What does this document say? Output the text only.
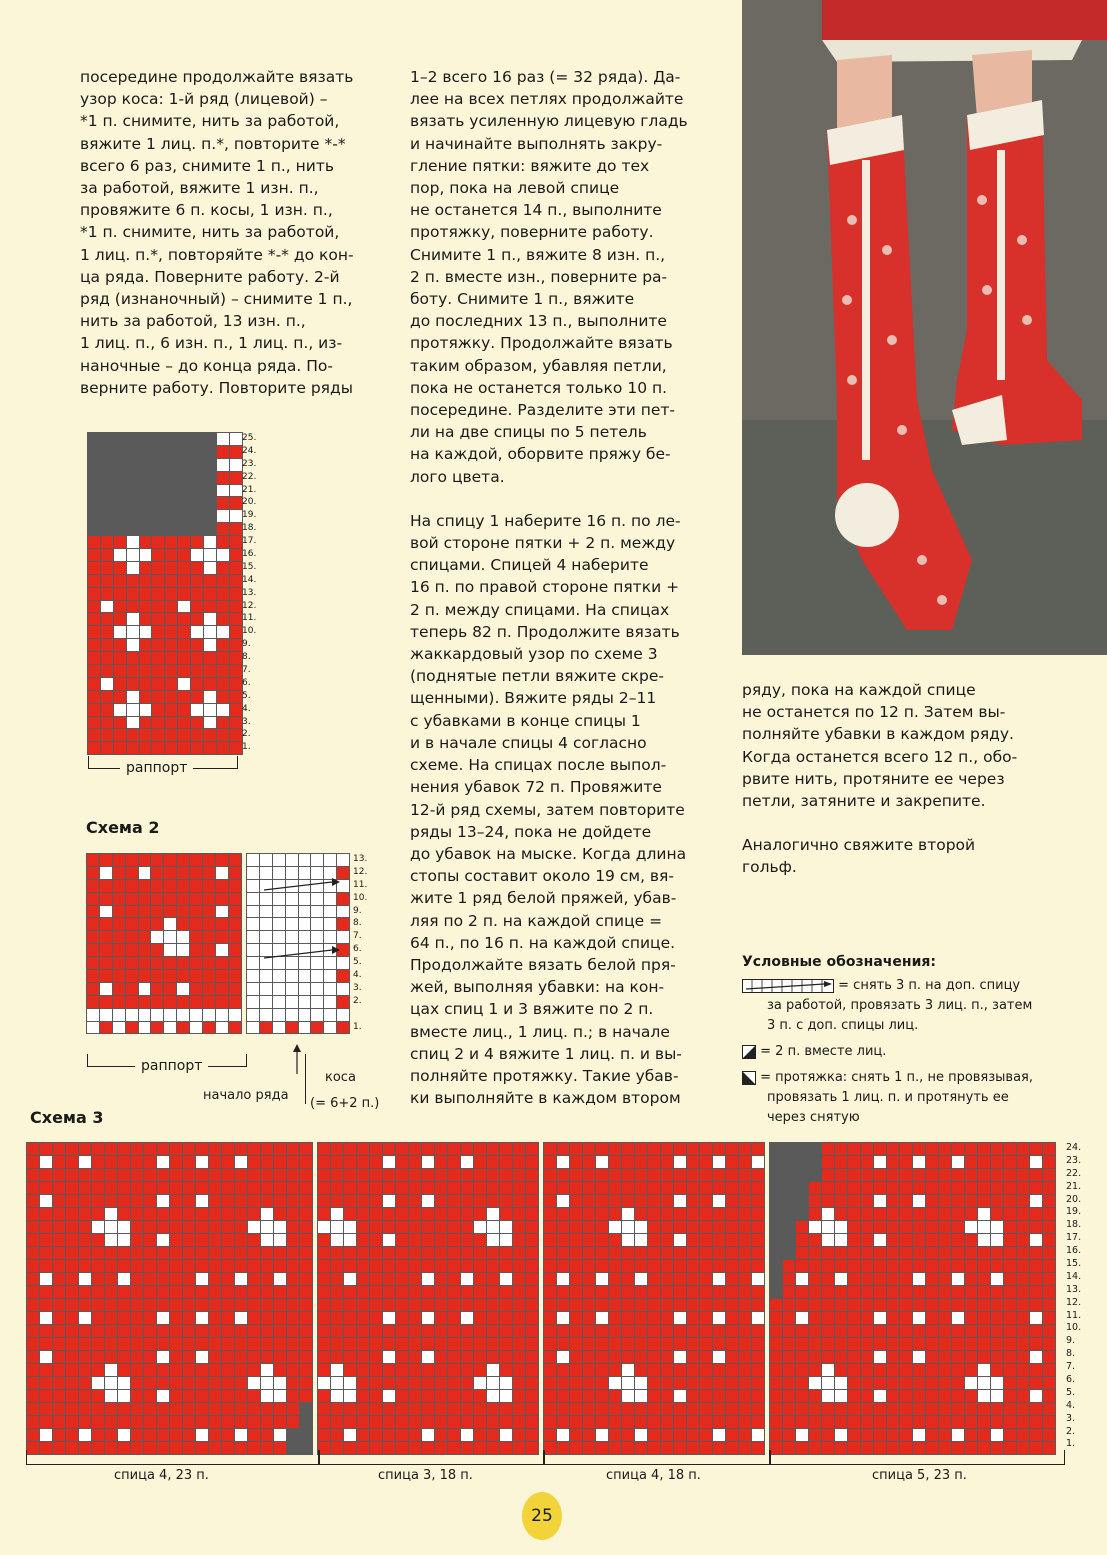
посередине продолжайте вязать
узор коса: 1-й ряд (лицевой) –
*1 п. снимите, нить за работой,
вяжите 1 лиц. п.*, повторите *-*
всего 6 раз, снимите 1 п., нить
за работой, вяжите 1 изн. п.,
провяжите 6 п. косы, 1 изн. п.,
*1 п. снимите, нить за работой,
1 лиц. п.*, повторяйте *-* до кон-
ца ряда. Поверните работу. 2-й
ряд (изнаночный) – снимите 1 п.,
нить за работой, 13 изн. п.,
1 лиц. п., 6 изн. п., 1 лиц. п., из-
наночные – до конца ряда. По-
верните работу. Повторите ряды
1–2 всего 16 раз (= 32 ряда). Да-
лее на всех петлях продолжайте
вязать усиленную лицевую гладь
и начинайте выполнять закру-
гление пятки: вяжите до тех
пор, пока на левой спице
не останется 14 п., выполните
протяжку, поверните работу.
Снимите 1 п., вяжите 8 изн. п.,
2 п. вместе изн., поверните ра-
боту. Снимите 1 п., вяжите
до последних 13 п., выполните
протяжку. Продолжайте вязать
таким образом, убавляя петли,
пока не останется только 10 п.
посередине. Разделите эти пет-
ли на две спицы по 5 петель
на каждой, оборвите пряжу бе-
лого цвета.
На спицу 1 наберите 16 п. по ле-
вой стороне пятки + 2 п. между
спицами. Спицей 4 наберите
16 п. по правой стороне пятки +
2 п. между спицами. На спицах
теперь 82 п. Продолжите вязать
жаккардовый узор по схеме 3
(поднятые петли вяжите скре-
щенными). Вяжите ряды 2–11
с убавками в конце спицы 1
и в начале спицы 4 согласно
схеме. На спицах после выпол-
нения убавок 72 п. Провяжите
12-й ряд схемы, затем повторите
ряды 13–24, пока не дойдете
до убавок на мыске. Когда длина
стопы составит около 19 см, вя-
жите 1 ряд белой пряжей, убав-
ляя по 2 п. на каждой спице =
64 п., по 16 п. на каждой спице.
Продолжайте вязать белой пря-
жей, выполняя убавки: на кон-
цах спиц 1 и 3 вяжите по 2 п.
вместе лиц., 1 лиц. п.; в начале
спиц 2 и 4 вяжите 1 лиц. п. и вы-
полняйте протяжку. Такие убав-
ки выполняйте в каждом втором
ряду, пока на каждой спице
не останется по 12 п. Затем вы-
полняйте убавки в каждом ряду.
Когда останется всего 12 п., обо-
рвите нить, протяните ее через
петли, затяните и закрепите.
Аналогично свяжите второй
гольф.
25.
24.
23.
22.
21.
20.
19.
18.
17.
16.
15.
14.
13.
12.
11.
10.
9.
8.
7.
6.
5.
4.
3.
2.
1.
раппорт
Схема 2
13.
12.
11.
10.
9.
8.
7.
6.
5.
4.
3.
2.
1.
раппорт
начало ряда
коса
(= 6+2 п.)
Условные обозначения:
= снять 3 п. на доп. спицу
за работой, провязать 3 лиц. п., затем
3 п. с доп. спицы лиц.
= 2 п. вместе лиц.
= протяжка: снять 1 п., не провязывая,
провязать 1 лиц. п. и протянуть ее
через снятую
Схема 3
24.
23.
22.
21.
20.
19.
18.
17.
16.
15.
14.
13.
12.
11.
10.
9.
8.
7.
6.
5.
4.
3.
2.
1.
спица 4, 23 п.	спица 3, 18 п.	спица 4, 18 п.	спица 5, 23 п.
25
